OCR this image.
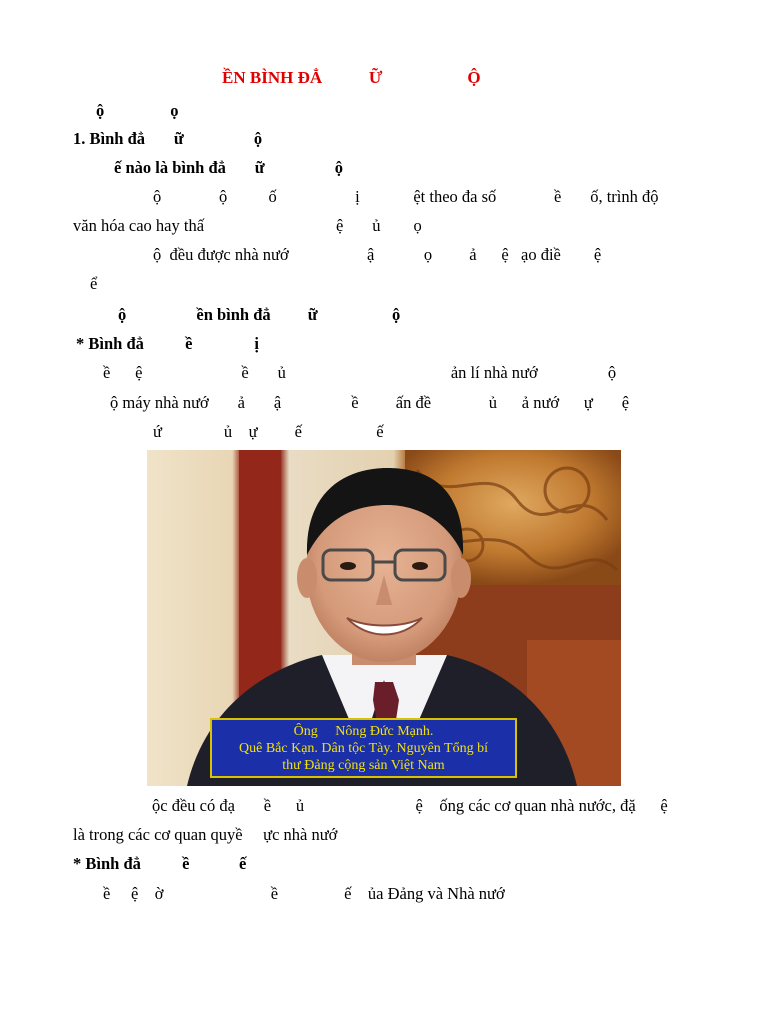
ỀN BÌNH ĐẲ           Ữ                    Ộ
ộ                ọ
1. Bình đẳ       ữ                 ộ
ế nào là bình đẳ       ữ                 ộ
ộ              ộ          ố                   ị             ệt theo đa số              ề       ố, trình độ
văn hóa cao hay thấ                                ệ       ủ        ọ
ộ  đều được nhà nướ                   ậ            ọ         ả      ệ   ạo điề        ệ
ể
ộ                 ền bình đẳ         ữ                  ộ
* Bình đẳ          ề               ị
ề      ệ                        ề       ủ                                        ản lí nhà nướ                 ộ
ộ máy nhà nướ       ả       ậ                 ề         ấn đề              ủ      ả nướ      ự       ệ
ứ               ủ    ự         ế                  ế
Ông     Nông Đức Mạnh.
Quê Bắc Kạn. Dân tộc Tày. Nguyên Tổng bí
thư Đảng cộng sản Việt Nam
ộc đều có đạ       ề      ủ                           ệ    ống các cơ quan nhà nước, đặ      ệ
là trong các cơ quan quyề     ực nhà nướ
* Bình đẳ          ề            ế
ề     ệ    ờ                          ề                ế    ủa Đảng và Nhà nướ
